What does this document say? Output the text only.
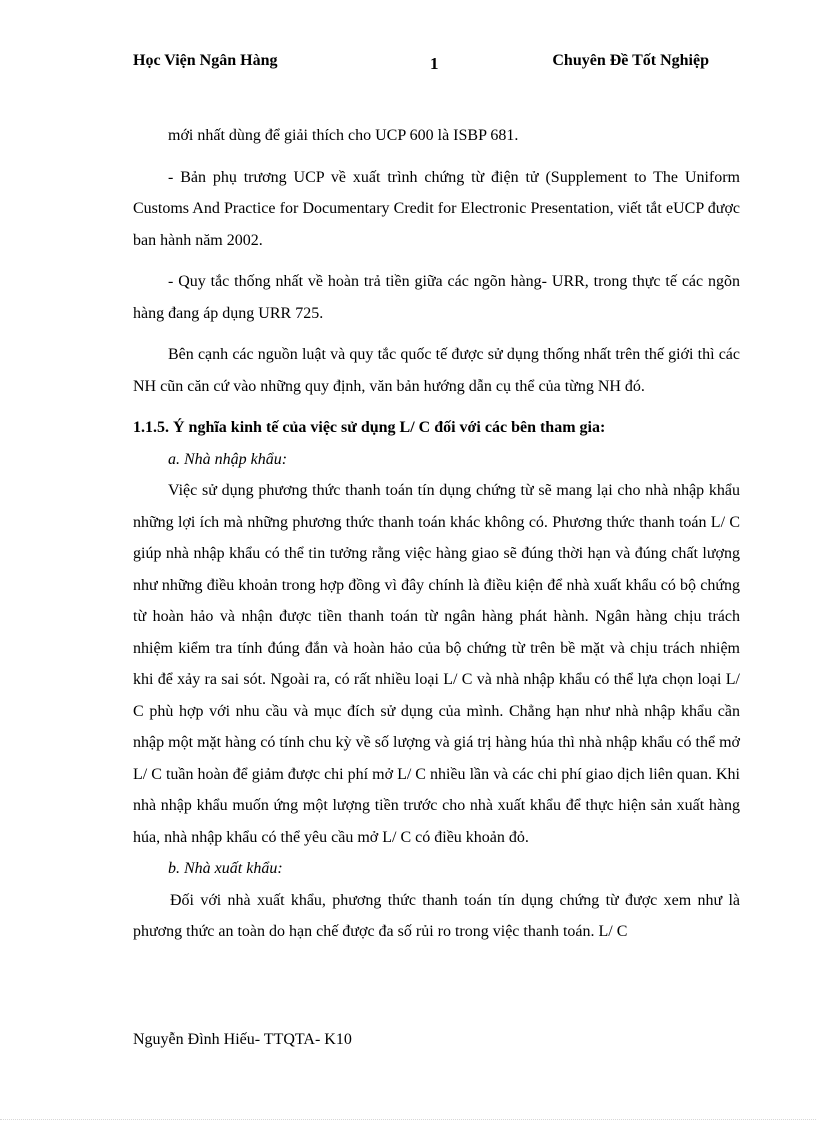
Học Viện Ngân Hàng	1	Chuyên Đề Tốt Nghiệp

mới nhất dùng để giải thích cho UCP 600 là ISBP 681.

- Bản phụ trương UCP về xuất trình chứng từ điện tử (Supplement to The Uniform Customs And Practice for Documentary Credit for Electronic Presentation, viết tắt eUCP được ban hành năm 2002.

- Quy tắc thống nhất về hoàn trả tiền giữa các ngõn hàng- URR, trong thực tế các ngõn hàng đang áp dụng URR 725.

Bên cạnh các nguồn luật và quy tắc quốc tế được sử dụng thống nhất trên thế giới thì các NH cũn căn cứ vào những quy định, văn bản hướng dẫn cụ thể của từng NH đó.

1.1.5. Ý nghĩa kinh tế của việc sử dụng L/ C đối với các bên tham gia:

a. Nhà nhập khẩu:

Việc sử dụng phương thức thanh toán tín dụng chứng từ sẽ mang lại cho nhà nhập khẩu những lợi ích mà những phương thức thanh toán khác không có. Phương thức thanh toán L/ C giúp nhà nhập khẩu có thể tin tưởng rằng việc hàng giao sẽ đúng thời hạn và đúng chất lượng như những điều khoản trong hợp đồng vì đây chính là điều kiện để nhà xuất khẩu có bộ chứng từ hoàn hảo và nhận được tiền thanh toán từ ngân hàng phát hành. Ngân hàng chịu trách nhiệm kiểm tra tính đúng đắn và hoàn hảo của bộ chứng từ trên bề mặt và chịu trách nhiệm khi để xảy ra sai sót. Ngoài ra, có rất nhiều loại L/ C và nhà nhập khẩu có thể lựa chọn loại L/ C phù hợp với nhu cầu và mục đích sử dụng của mình. Chẳng hạn như nhà nhập khẩu cần nhập một mặt hàng có tính chu kỳ về số lượng và giá trị hàng húa thì nhà nhập khẩu có thể mở L/ C tuần hoàn để giảm được chi phí mở L/ C nhiều lần và các chi phí giao dịch liên quan. Khi nhà nhập khẩu muốn ứng một lượng tiền trước cho nhà xuất khẩu để thực hiện sản xuất hàng húa, nhà nhập khẩu có thể yêu cầu mở L/ C có điều khoản đỏ.

b. Nhà xuất khẩu:

Đối với nhà xuất khẩu, phương thức thanh toán tín dụng chứng từ được xem như là phương thức an toàn do hạn chế được đa số rủi ro trong việc thanh toán. L/ C

Nguyễn Đình Hiếu- TTQTA- K10
